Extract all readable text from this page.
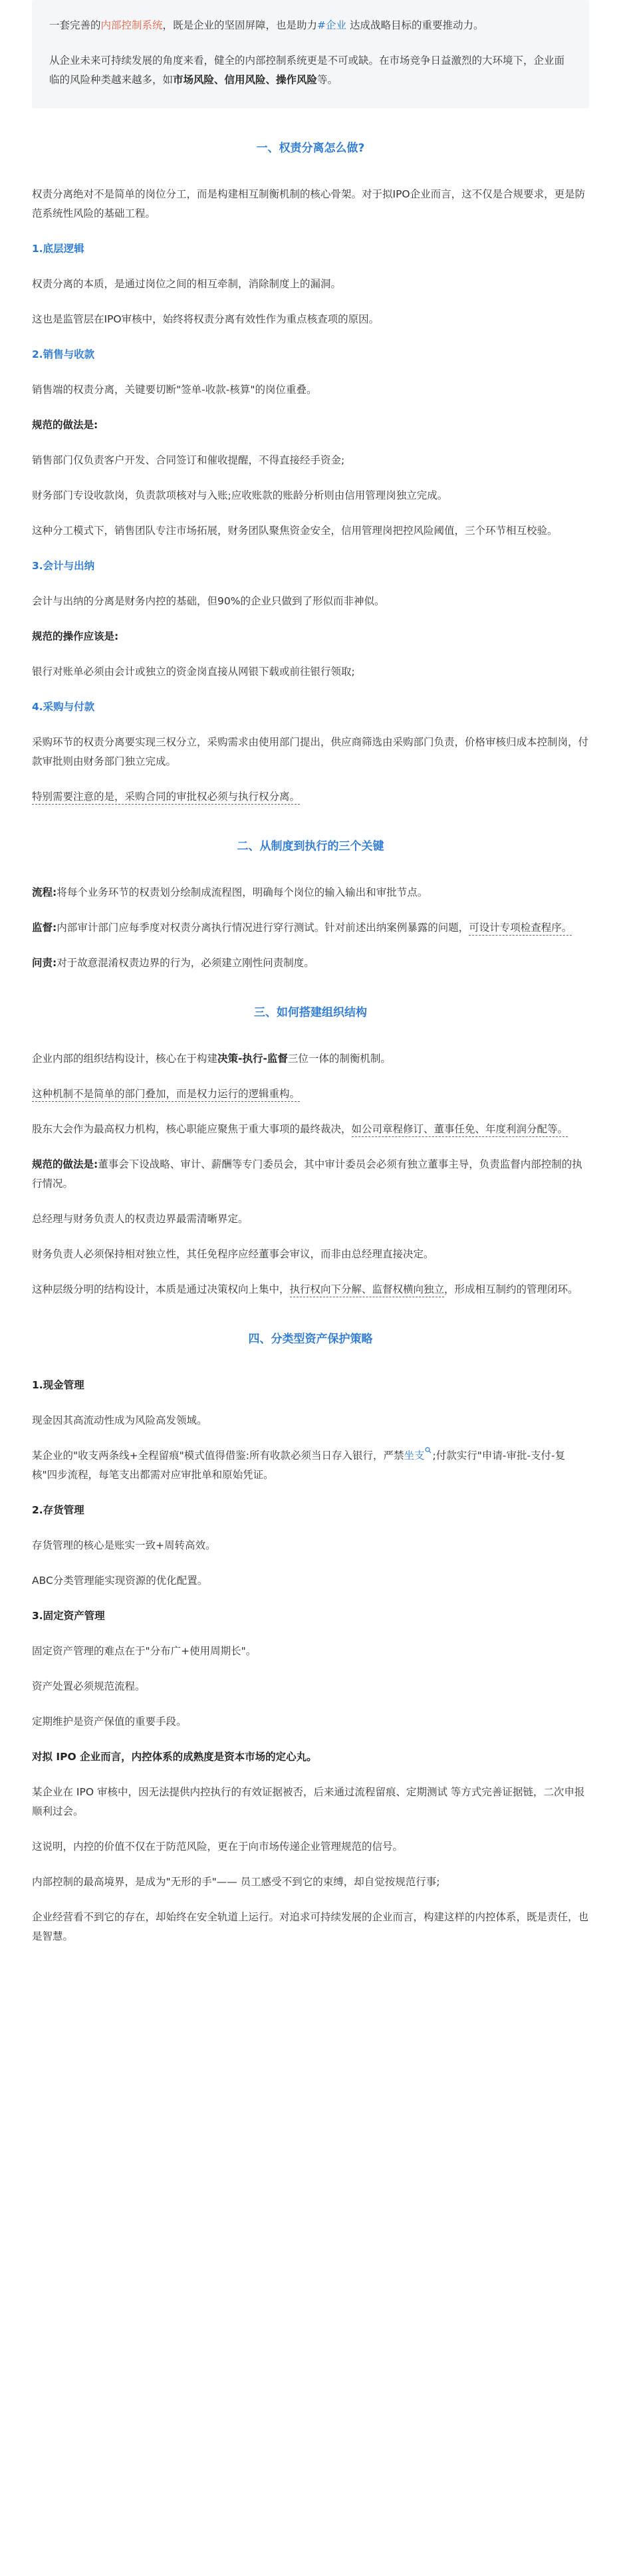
一套完善的内部控制系统，既是企业的坚固屏障，也是助力#企业 达成战略目标的重要推动力。

从企业未来可持续发展的角度来看，健全的内部控制系统更是不可或缺。在市场竞争日益激烈的大环境下，企业面临的风险种类越来越多，如市场风险、信用风险、操作风险等。

一、权责分离怎么做?

权责分离绝对不是简单的岗位分工，而是构建相互制衡机制的核心骨架。对于拟IPO企业而言，这不仅是合规要求，更是防范系统性风险的基础工程。

1.底层逻辑

权责分离的本质，是通过岗位之间的相互牵制，消除制度上的漏洞。

这也是监管层在IPO审核中，始终将权责分离有效性作为重点核查项的原因。

2.销售与收款

销售端的权责分离，关键要切断"签单-收款-核算"的岗位重叠。

规范的做法是:

销售部门仅负责客户开发、合同签订和催收提醒，不得直接经手资金;

财务部门专设收款岗，负责款项核对与入账;应收账款的账龄分析则由信用管理岗独立完成。

这种分工模式下，销售团队专注市场拓展，财务团队聚焦资金安全，信用管理岗把控风险阈值，三个环节相互校验。

3.会计与出纳

会计与出纳的分离是财务内控的基础，但90%的企业只做到了形似而非神似。

规范的操作应该是:

银行对账单必须由会计或独立的资金岗直接从网银下载或前往银行领取;

4.采购与付款

采购环节的权责分离要实现三权分立，采购需求由使用部门提出，供应商筛选由采购部门负责，价格审核归成本控制岗，付款审批则由财务部门独立完成。

特别需要注意的是，采购合同的审批权必须与执行权分离。

二、从制度到执行的三个关键

流程:将每个业务环节的权责划分绘制成流程图，明确每个岗位的输入输出和审批节点。

监督:内部审计部门应每季度对权责分离执行情况进行穿行测试。针对前述出纳案例暴露的问题，可设计专项检查程序。

问责:对于故意混淆权责边界的行为，必须建立刚性问责制度。

三、如何搭建组织结构

企业内部的组织结构设计，核心在于构建决策-执行-监督三位一体的制衡机制。

这种机制不是简单的部门叠加，而是权力运行的逻辑重构。

股东大会作为最高权力机构，核心职能应聚焦于重大事项的最终裁决，如公司章程修订、董事任免、年度利润分配等。

规范的做法是:董事会下设战略、审计、薪酬等专门委员会，其中审计委员会必须有独立董事主导，负责监督内部控制的执行情况。

总经理与财务负责人的权责边界最需清晰界定。

财务负责人必须保持相对独立性，其任免程序应经董事会审议，而非由总经理直接决定。

这种层级分明的结构设计，本质是通过决策权向上集中，执行权向下分解、监督权横向独立，形成相互制约的管理闭环。

四、分类型资产保护策略
1.现金管理

现金因其高流动性成为风险高发领域。

某企业的"收支两条线+全程留痕"模式值得借鉴:所有收款必须当日存入银行，严禁坐支 ;付款实行"申请-审批-支付-复核"四步流程，每笔支出都需对应审批单和原始凭证。

2.存货管理

存货管理的核心是账实一致+周转高效。

ABC分类管理能实现资源的优化配置。

3.固定资产管理

固定资产管理的难点在于"分布广+使用周期长"。

资产处置必须规范流程。

定期维护是资产保值的重要手段。

对拟 IPO 企业而言，内控体系的成熟度是资本市场的定心丸。

某企业在 IPO 审核中，因无法提供内控执行的有效证据被否，后来通过流程留痕、定期测试 等方式完善证据链，二次申报顺利过会。

这说明，内控的价值不仅在于防范风险，更在于向市场传递企业管理规范的信号。

内部控制的最高境界，是成为"无形的手"—— 员工感受不到它的束缚，却自觉按规范行事;

企业经营看不到它的存在，却始终在安全轨道上运行。对追求可持续发展的企业而言，构建这样的内控体系，既是责任，也是智慧。
